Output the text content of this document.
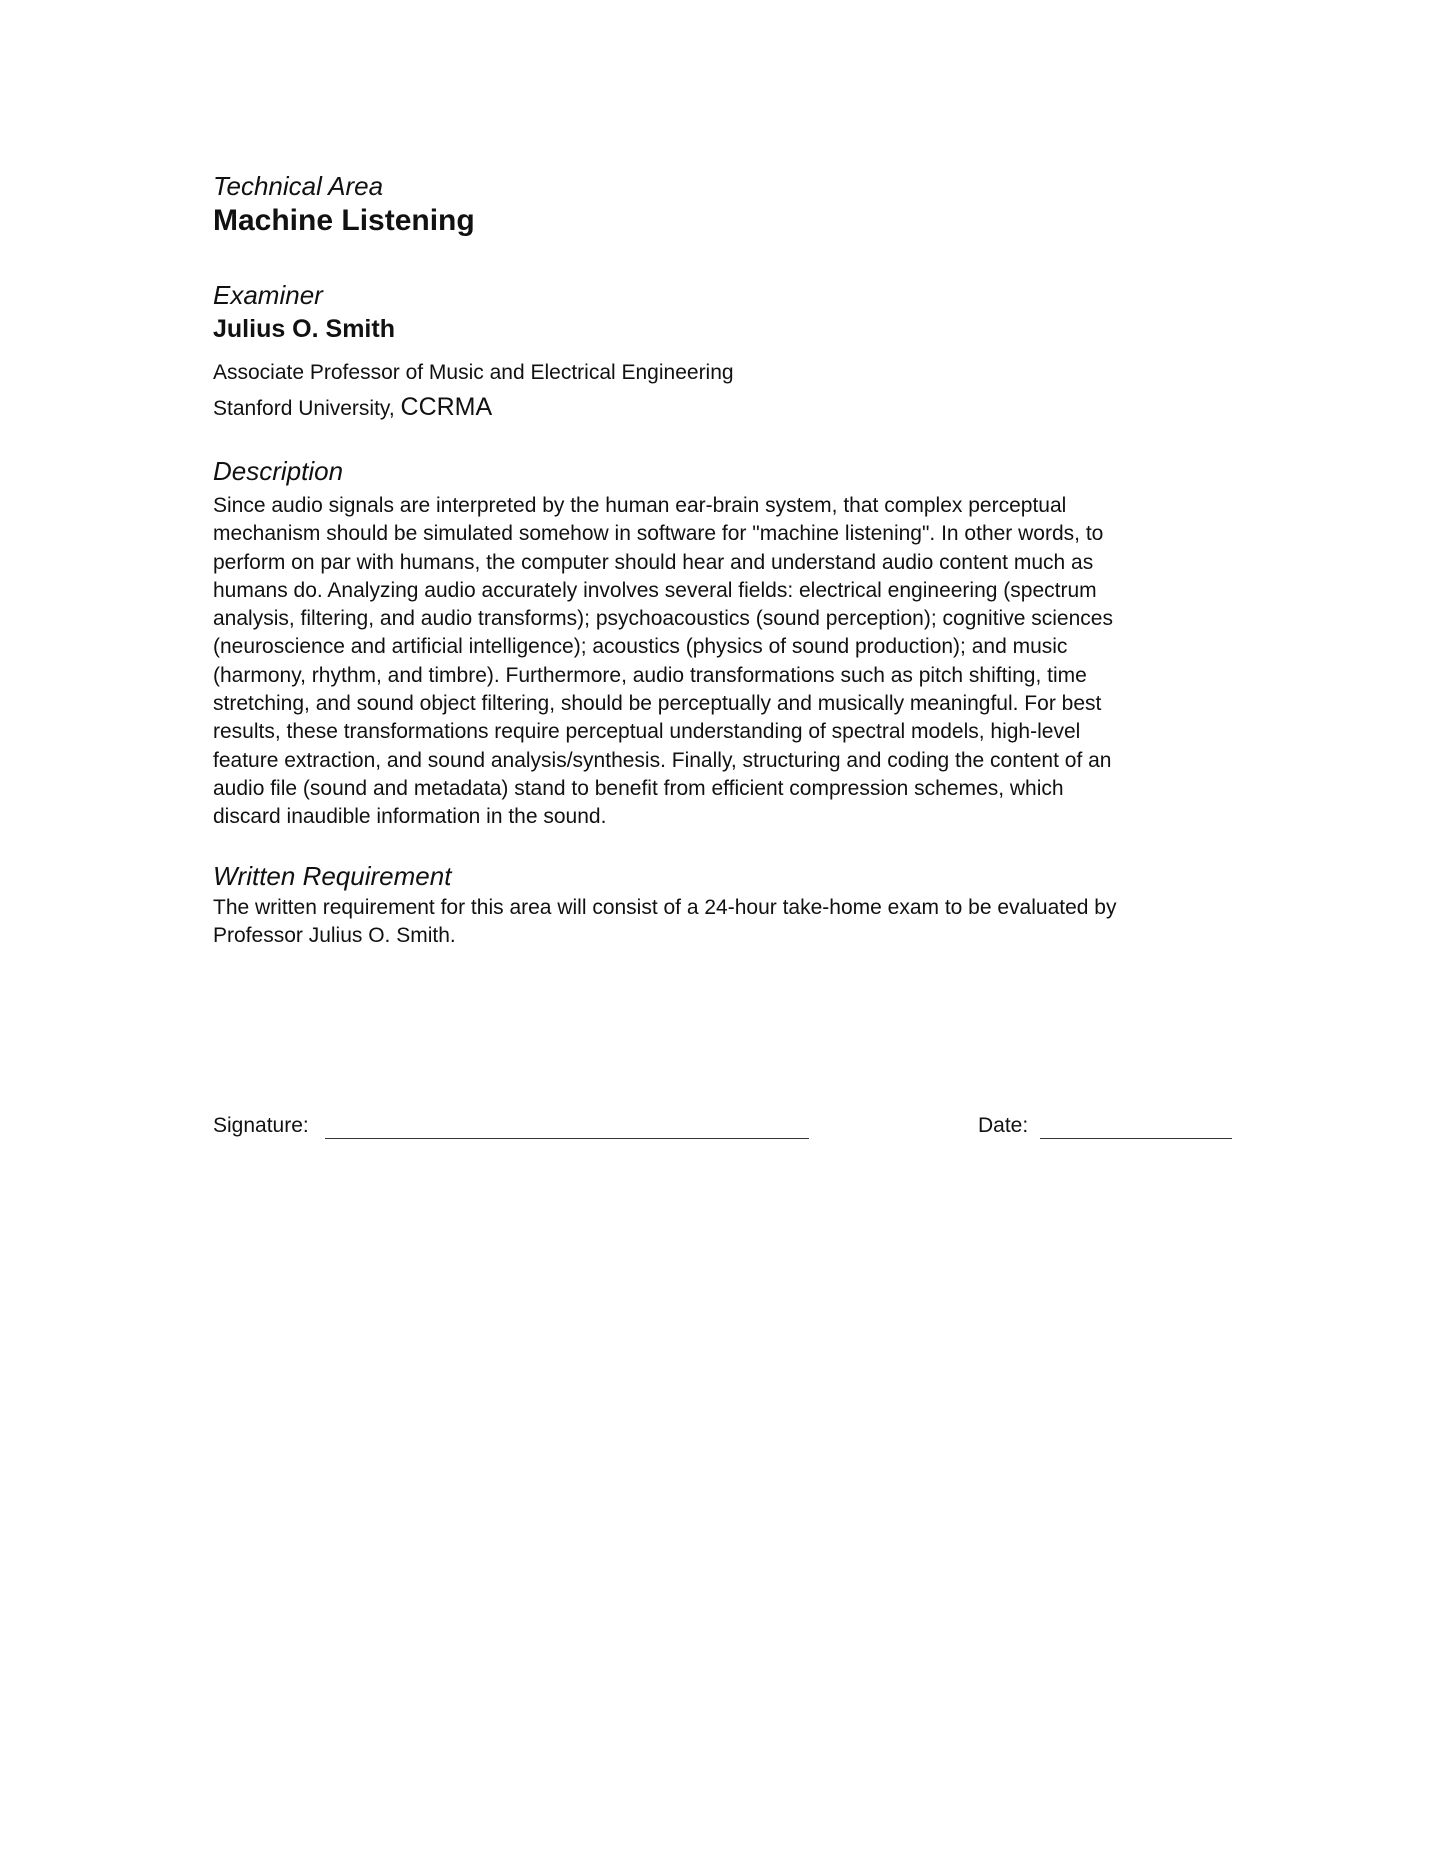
Technical Area

Machine Listening

Examiner

Julius O. Smith

Associate Professor of Music and Electrical Engineering
Stanford University, CCRMA

Description

Since audio signals are interpreted by the human ear-brain system, that complex perceptual
mechanism should be simulated somehow in software for "machine listening". In other words, to
perform on par with humans, the computer should hear and understand audio content much as
humans do. Analyzing audio accurately involves several fields: electrical engineering (spectrum
analysis, filtering, and audio transforms); psychoacoustics (sound perception); cognitive sciences
(neuroscience and artificial intelligence); acoustics (physics of sound production); and music
(harmony, rhythm, and timbre). Furthermore, audio transformations such as pitch shifting, time
stretching, and sound object filtering, should be perceptually and musically meaningful. For best
results, these transformations require perceptual understanding of spectral models, high-level
feature extraction, and sound analysis/synthesis. Finally, structuring and coding the content of an
audio file (sound and metadata) stand to benefit from efficient compression schemes, which
discard inaudible information in the sound.

Written Requirement

The written requirement for this area will consist of a 24-hour take-home exam to be evaluated by
Professor Julius O. Smith.
Signature:	Date:
